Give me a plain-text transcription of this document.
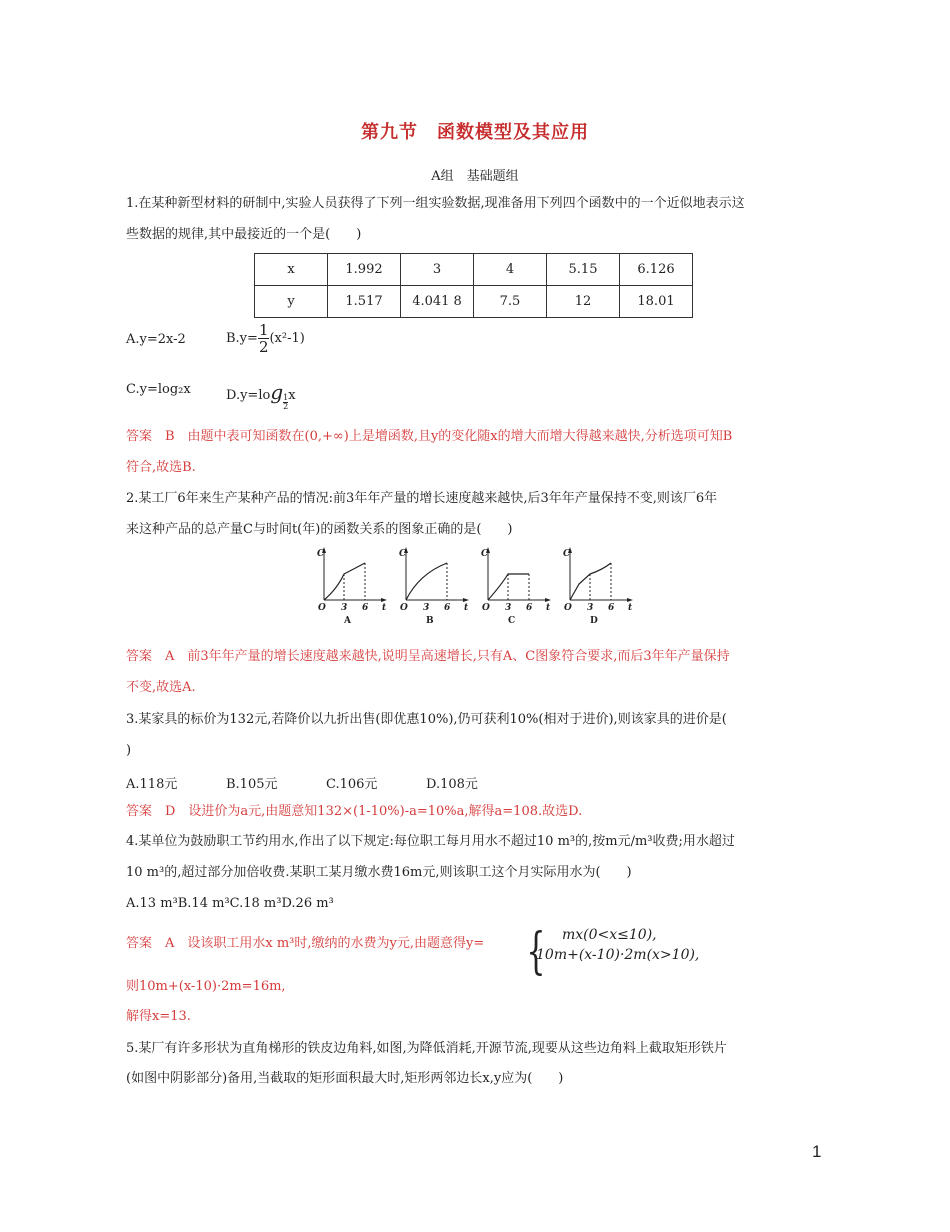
第九节　函数模型及其应用
A组　基础题组
1.在某种新型材料的研制中,实验人员获得了下列一组实验数据,现准备用下列四个函数中的一个近似地表示这
些数据的规律,其中最接近的一个是(　　)
x	1.992	3	4	5.15	6.126
y	1.517	4.041 8	7.5	12	18.01
A.y=2x-2	$B.y= \frac{1}{2} (x^2-1)$
C.y=log₂x	$D.y=\log \frac{1}{2}$ x
答案　B　由题中表可知函数在(0,+∞)上是增函数,且y的变化随x的增大而增大得越来越快,分析选项可知B
符合,故选B.
2.某工厂6年来生产某种产品的情况:前3年年产量的增长速度越来越快,后3年年产量保持不变,则该厂6年
来这种产品的总产量C与时间t(年)的函数关系的图象正确的是(　　)
C
O 3 6 t
A
C
O 3 6 t
B
C
O 3 6 t
C
C
O 3 6 t
D
答案　A　前3年年产量的增长速度越来越快,说明呈高速增长,只有A、C图象符合要求,而后3年年产量保持
不变,故选A.
3.某家具的标价为132元,若降价以九折出售(即优惠10%),仍可获利10%(相对于进价),则该家具的进价是(
)
A.118元	B.105元	C.106元	D.108元
答案　D　设进价为a元,由题意知132×(1-10%)-a=10%a,解得a=108.故选D.
4.某单位为鼓励职工节约用水,作出了以下规定:每位职工每月用水不超过10 m³的,按m元/m³收费;用水超过
10 m³的,超过部分加倍收费.某职工某月缴水费16m元,则该职工这个月实际用水为(　　)
A.13 m³B.14 m³C.18 m³D.26 m³
答案　A　设该职工用水x m³时,缴纳的水费为y元,由题意得y= { mx(0<x≤10),
10m+(x-10)·2m(x>10),
则10m+(x-10)·2m=16m,
解得x=13.
5.某厂有许多形状为直角梯形的铁皮边角料,如图,为降低消耗,开源节流,现要从这些边角料上截取矩形铁片
(如图中阴影部分)备用,当截取的矩形面积最大时,矩形两邻边长x,y应为(　　)
1
